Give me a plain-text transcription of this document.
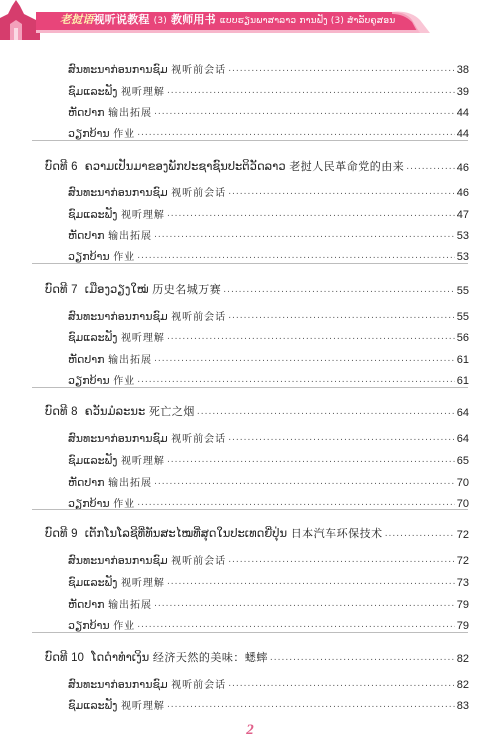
老挝语视听说教程 (3) 教师用书 ແບບຮຽນພາສາລາວ ການຟັງ (3) ສຳລັບຄູສອນ
ສົນທະນາກ່ອນການຊົມ 视听前会话 .....	38
ຊົມແລະຟັງ 视听理解 .....	39
ຫັດປາກ 输出拓展 .....	44
ວຽກບ້ານ 作业 .....	44
ບົດທີ 6 ຄວາມເປັນມາຂອງພັກປະຊາຊົນປະຕິວັດລາວ 老挝人民革命党的由来 .....	46
ສົນທະນາກ່ອນການຊົມ 视听前会话 .....	46
ຊົມແລະຟັງ 视听理解 .....	47
ຫັດປາກ 输出拓展 .....	53
ວຽກບ້ານ 作业 .....	53
ບົດທີ 7 ເມືອງວຽງໃໝ່ 历史名城万赛 .....	55
ສົນທະນາກ່ອນການຊົມ 视听前会话 .....	55
ຊົມແລະຟັງ 视听理解 .....	56
ຫັດປາກ 输出拓展 .....	61
ວຽກບ້ານ 作业 .....	61
ບົດທີ 8 ຄວັນມໍລະນະ 死亡之烟 .....	64
ສົນທະນາກ່ອນການຊົມ 视听前会话 .....	64
ຊົມແລະຟັງ 视听理解 .....	65
ຫັດປາກ 输出拓展 .....	70
ວຽກບ້ານ 作业 .....	70
ບົດທີ 9 ເຕັກໂນໂລຊີທີ່ທັນສະໄໝທີ່ສຸດໃນປະເທດຍີ່ປຸ່ນ 日本汽车环保技术 .....	72
ສົນທະນາກ່ອນການຊົມ 视听前会话 .....	72
ຊົມແລະຟັງ 视听理解 .....	73
ຫັດປາກ 输出拓展 .....	79
ວຽກບ້ານ 作业 .....	79
ບົດທີ 10 ໂດດໍາທໍາເງິນ 经济天然的美味：蟋蟀 .....	82
ສົນທະນາກ່ອນການຊົມ 视听前会话 .....	82
ຊົມແລະຟັງ 视听理解 .....	83
2
